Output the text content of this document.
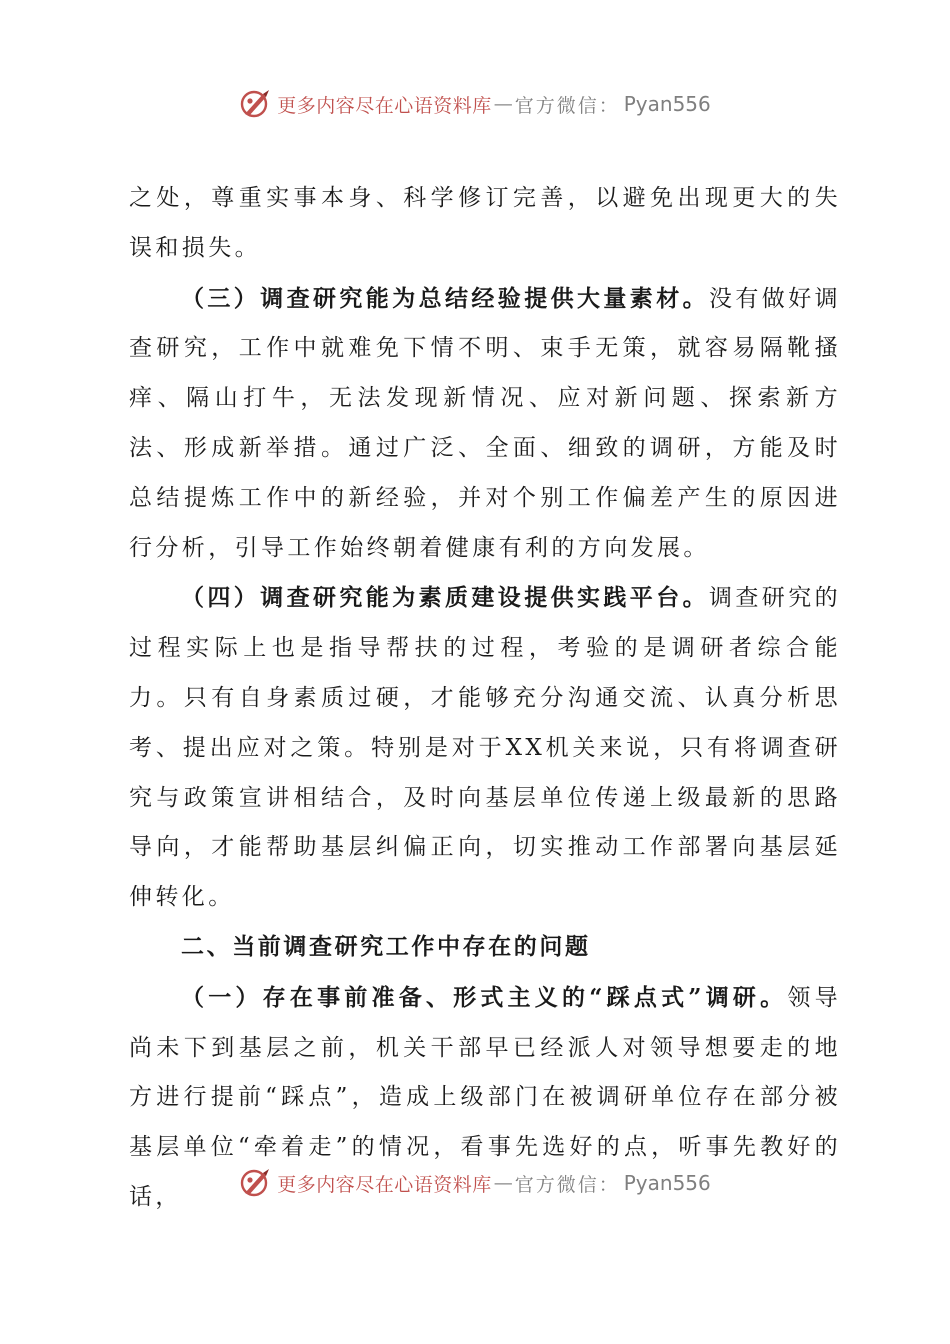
更多内容尽在心语资料库 — 官方微信： Pyan556

之处，尊重实事本身、科学修订完善，以避免出现更大的失误和损失。

（三）调查研究能为总结经验提供大量素材。没有做好调查研究，工作中就难免下情不明、束手无策，就容易隔靴搔痒、隔山打牛，无法发现新情况、应对新问题、探索新方法、形成新举措。通过广泛、全面、细致的调研，方能及时总结提炼工作中的新经验，并对个别工作偏差产生的原因进行分析，引导工作始终朝着健康有利的方向发展。

（四）调查研究能为素质建设提供实践平台。调查研究的过程实际上也是指导帮扶的过程，考验的是调研者综合能力。只有自身素质过硬，才能够充分沟通交流、认真分析思考、提出应对之策。特别是对于XX机关来说，只有将调查研究与政策宣讲相结合，及时向基层单位传递上级最新的思路导向，才能帮助基层纠偏正向，切实推动工作部署向基层延伸转化。

二、当前调查研究工作中存在的问题

（一）存在事前准备、形式主义的“踩点式”调研。领导尚未下到基层之前，机关干部早已经派人对领导想要走的地方进行提前“踩点”，造成上级部门在被调研单位存在部分被基层单位“牵着走”的情况，看事先选好的点，听事先教好的话，	更多内容尽在心语资料库 — 官方微信： Pyan556
